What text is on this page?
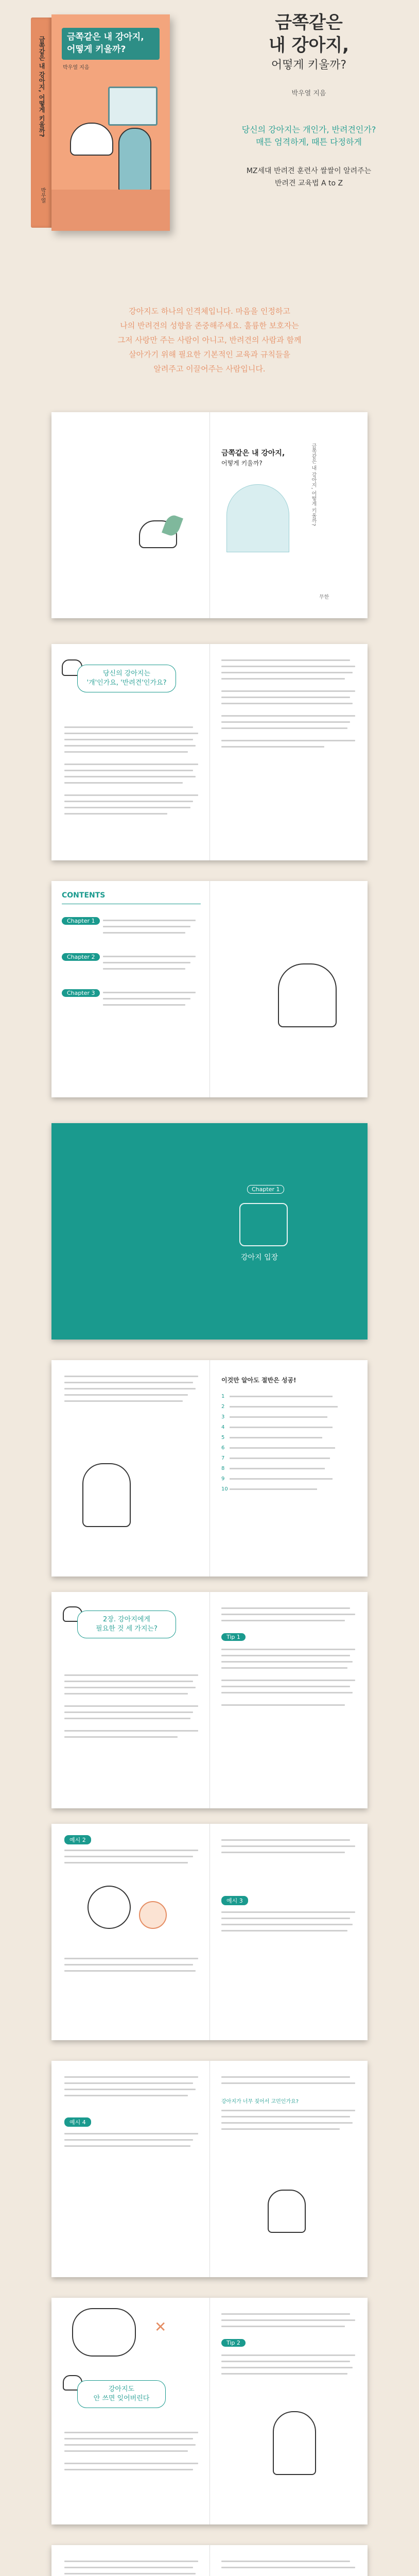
금쪽같은 내 강아지, 어떻게 키울까?
박우열
금쪽같은 내 강아지,
어떻게 키울까?
박우열 지음
금쪽같은
내 강아지,
어떻게 키울까?
박우열 지음
당신의 강아지는 개인가, 반려견인가?
매튼 엄격하게, 때튼 다정하게
MZ세대 반려견 훈련사 쌀쌀이 알려주는
반려견 교육법 A to Z
강아지도 하나의 인격체입니다. 마음을 인정하고
나의 반려견의 성향을 존중해주세요. 훌륭한 보호자는
그저 사랑만 주는 사람이 아니고, 반려견의 사람과 함께
살아가기 위해 필요한 기본적인 교육과 규칙들을
알려주고 이끌어주는 사람입니다.
금쪽같은 내 강아지,
어떻게 키울까?	금쪽같은 내 강아지, 어떻게 키울까?
무한
당신의 강아지는
'개'인가요, '반려견'인가요?
CONTENTS
Chapter 1
Chapter 2
Chapter 3
Chapter 1
강아지 입장
이것만 알아도 절반은 성공!
1
2
3
4
5
6
7
8
9
10
2장. 강아지에게
필요한 것 세 가지는?
Tip 1
예시 2
예시 3
예시 4
강아지가 너무 짖어서 고민인가요?
✕
강아지도
안 쓰면 잊어버린다
Tip 2
